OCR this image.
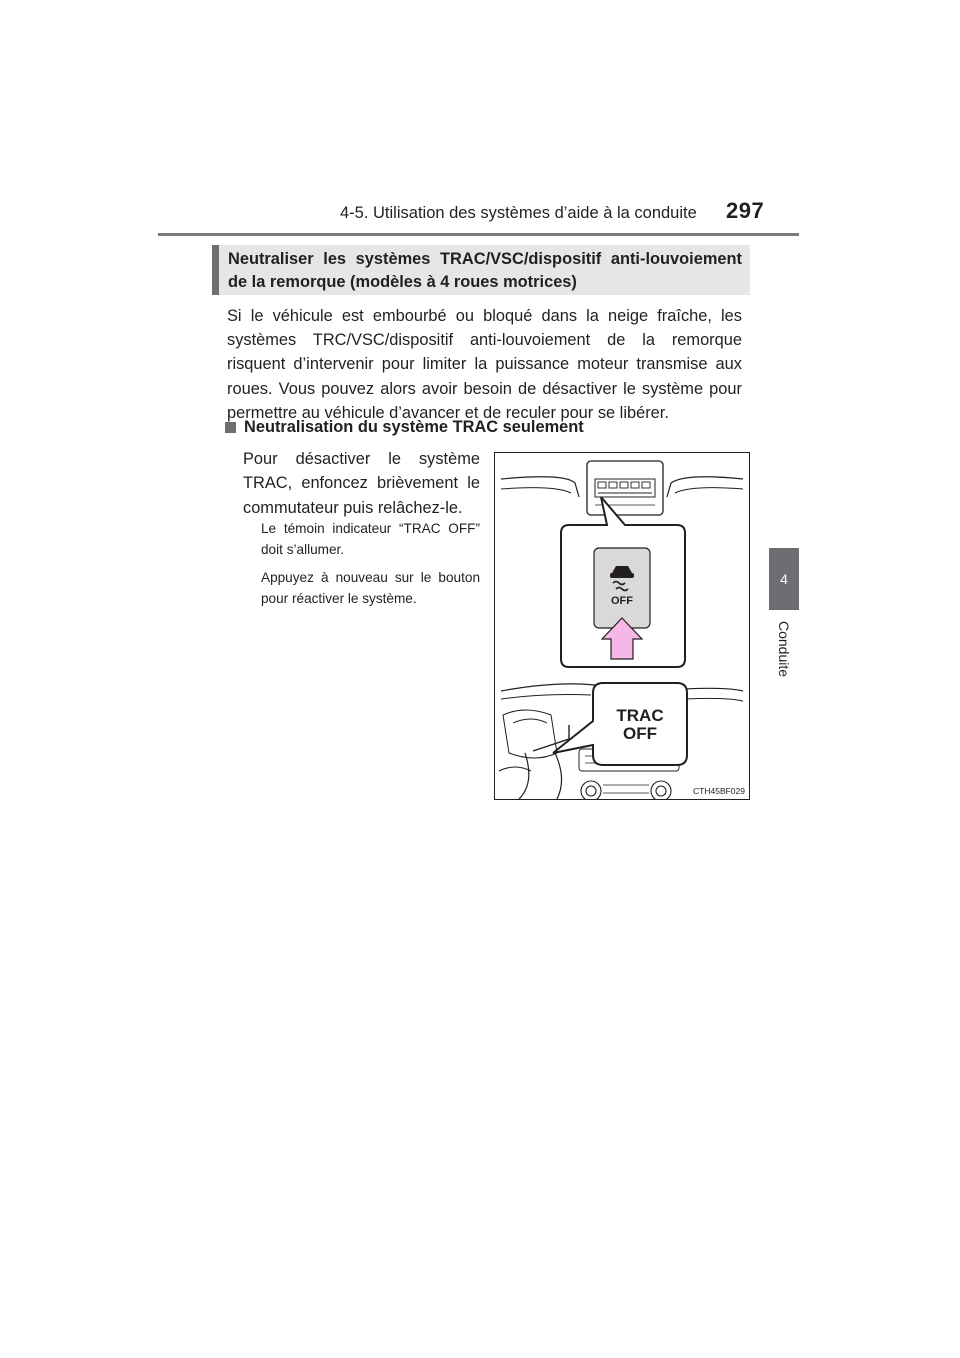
4-5. Utilisation des systèmes d’aide à la conduite 297
4
Conduite
Neutraliser les systèmes TRAC/VSC/dispositif anti-louvoiement de la remorque (modèles à 4 roues motrices)

Si le véhicule est embourbé ou bloqué dans la neige fraîche, les systèmes TRC/VSC/dispositif anti-louvoiement de la remorque risquent d’intervenir pour limiter la puissance moteur transmise aux roues. Vous pouvez alors avoir besoin de désactiver le système pour permettre au véhicule d’avancer et de reculer pour se libérer.

Neutralisation du système TRAC seulement

Pour désactiver le système TRAC, enfoncez brièvement le commutateur puis relâchez-le.

Le témoin indicateur “TRAC OFF” doit s’allumer.

Appuyez à nouveau sur le bouton pour réactiver le système.	OFF
TRAC
OFF
CTH45BF029
